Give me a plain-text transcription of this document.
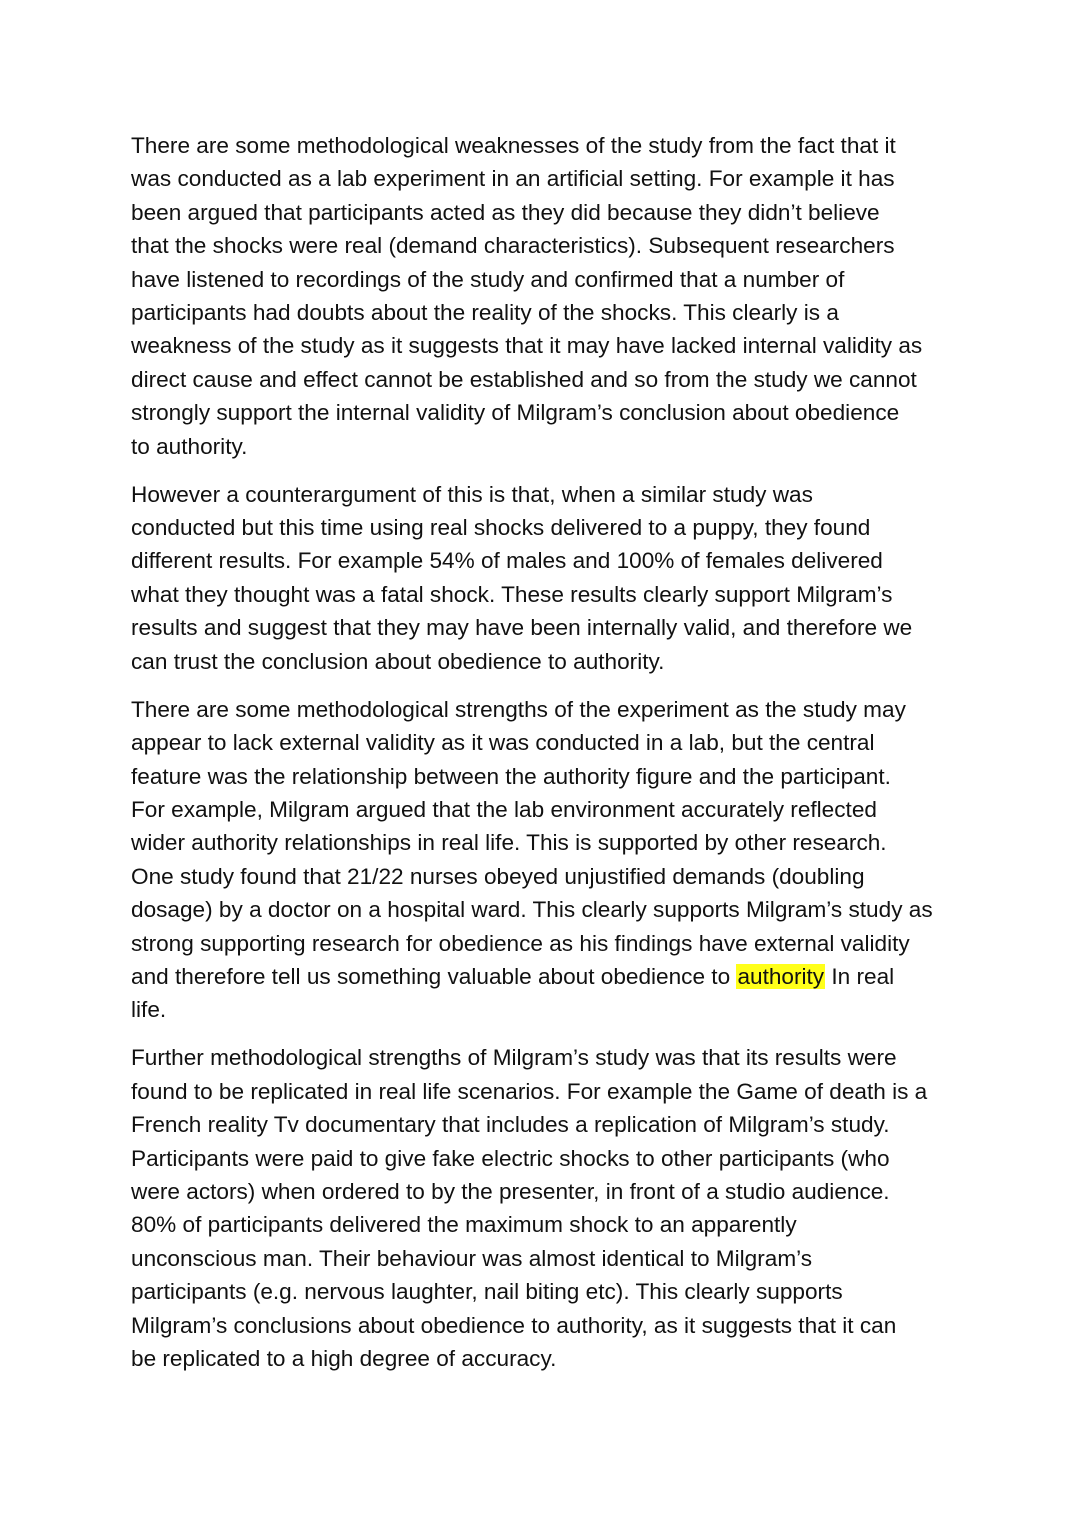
There are some methodological weaknesses of the study from the fact that it
was conducted as a lab experiment in an artificial setting. For example it has
been argued that participants acted as they did because they didn’t believe
that the shocks were real (demand characteristics). Subsequent researchers
have listened to recordings of the study and confirmed that a number of
participants had doubts about the reality of the shocks. This clearly is a
weakness of the study as it suggests that it may have lacked internal validity as
direct cause and effect cannot be established and so from the study we cannot
strongly support the internal validity of Milgram’s conclusion about obedience
to authority.

However a counterargument of this is that, when a similar study was
conducted but this time using real shocks delivered to a puppy, they found
different results. For example 54% of males and 100% of females delivered
what they thought was a fatal shock. These results clearly support Milgram’s
results and suggest that they may have been internally valid, and therefore we
can trust the conclusion about obedience to authority.

There are some methodological strengths of the experiment as the study may
appear to lack external validity as it was conducted in a lab, but the central
feature was the relationship between the authority figure and the participant.
For example, Milgram argued that the lab environment accurately reflected
wider authority relationships in real life. This is supported by other research.
One study found that 21/22 nurses obeyed unjustified demands (doubling
dosage) by a doctor on a hospital ward. This clearly supports Milgram’s study as
strong supporting research for obedience as his findings have external validity
and therefore tell us something valuable about obedience to authority In real
life.

Further methodological strengths of Milgram’s study was that its results were
found to be replicated in real life scenarios. For example the Game of death is a
French reality Tv documentary that includes a replication of Milgram’s study.
Participants were paid to give fake electric shocks to other participants (who
were actors) when ordered to by the presenter, in front of a studio audience.
80% of participants delivered the maximum shock to an apparently
unconscious man. Their behaviour was almost identical to Milgram’s
participants (e.g. nervous laughter, nail biting etc). This clearly supports
Milgram’s conclusions about obedience to authority, as it suggests that it can
be replicated to a high degree of accuracy.
